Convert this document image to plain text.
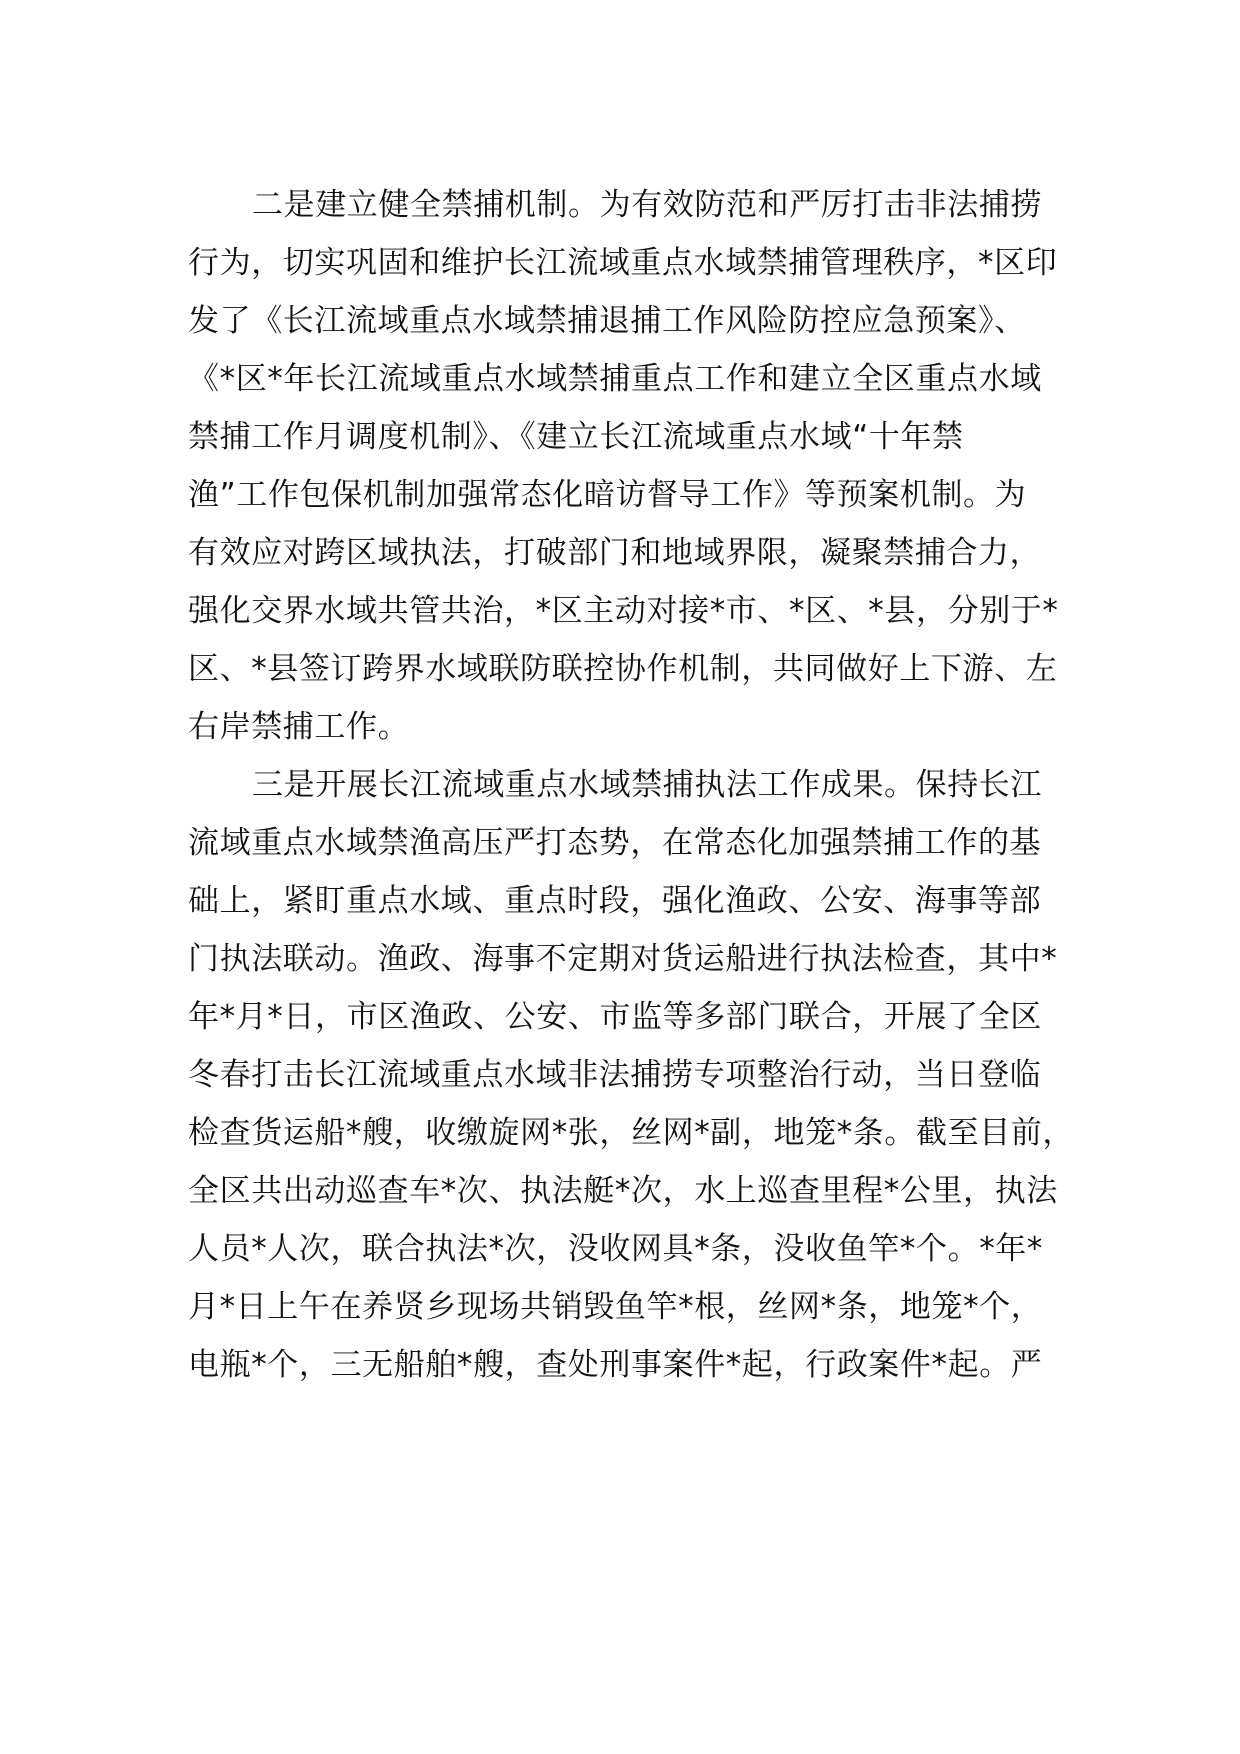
二是建立健全禁捕机制。为有效防范和严厉打击非法捕捞
行为，切实巩固和维护长江流域重点水域禁捕管理秩序，*区印
发了《长江流域重点水域禁捕退捕工作风险防控应急预案》、
《*区*年长江流域重点水域禁捕重点工作和建立全区重点水域
禁捕工作月调度机制》、《建立长江流域重点水域“十年禁
渔”工作包保机制加强常态化暗访督导工作》等预案机制。为
有效应对跨区域执法，打破部门和地域界限，凝聚禁捕合力，
强化交界水域共管共治，*区主动对接*市、*区、*县，分别于*
区、*县签订跨界水域联防联控协作机制，共同做好上下游、左
右岸禁捕工作。
三是开展长江流域重点水域禁捕执法工作成果。保持长江
流域重点水域禁渔高压严打态势，在常态化加强禁捕工作的基
础上，紧盯重点水域、重点时段，强化渔政、公安、海事等部
门执法联动。渔政、海事不定期对货运船进行执法检查，其中*
年*月*日，市区渔政、公安、市监等多部门联合，开展了全区
冬春打击长江流域重点水域非法捕捞专项整治行动，当日登临
检查货运船*艘，收缴旋网*张，丝网*副，地笼*条。截至目前，
全区共出动巡查车*次、执法艇*次，水上巡查里程*公里，执法
人员*人次，联合执法*次，没收网具*条，没收鱼竿*个。*年*
月*日上午在养贤乡现场共销毁鱼竿*根，丝网*条，地笼*个，
电瓶*个，三无船舶*艘，查处刑事案件*起，行政案件*起。严
